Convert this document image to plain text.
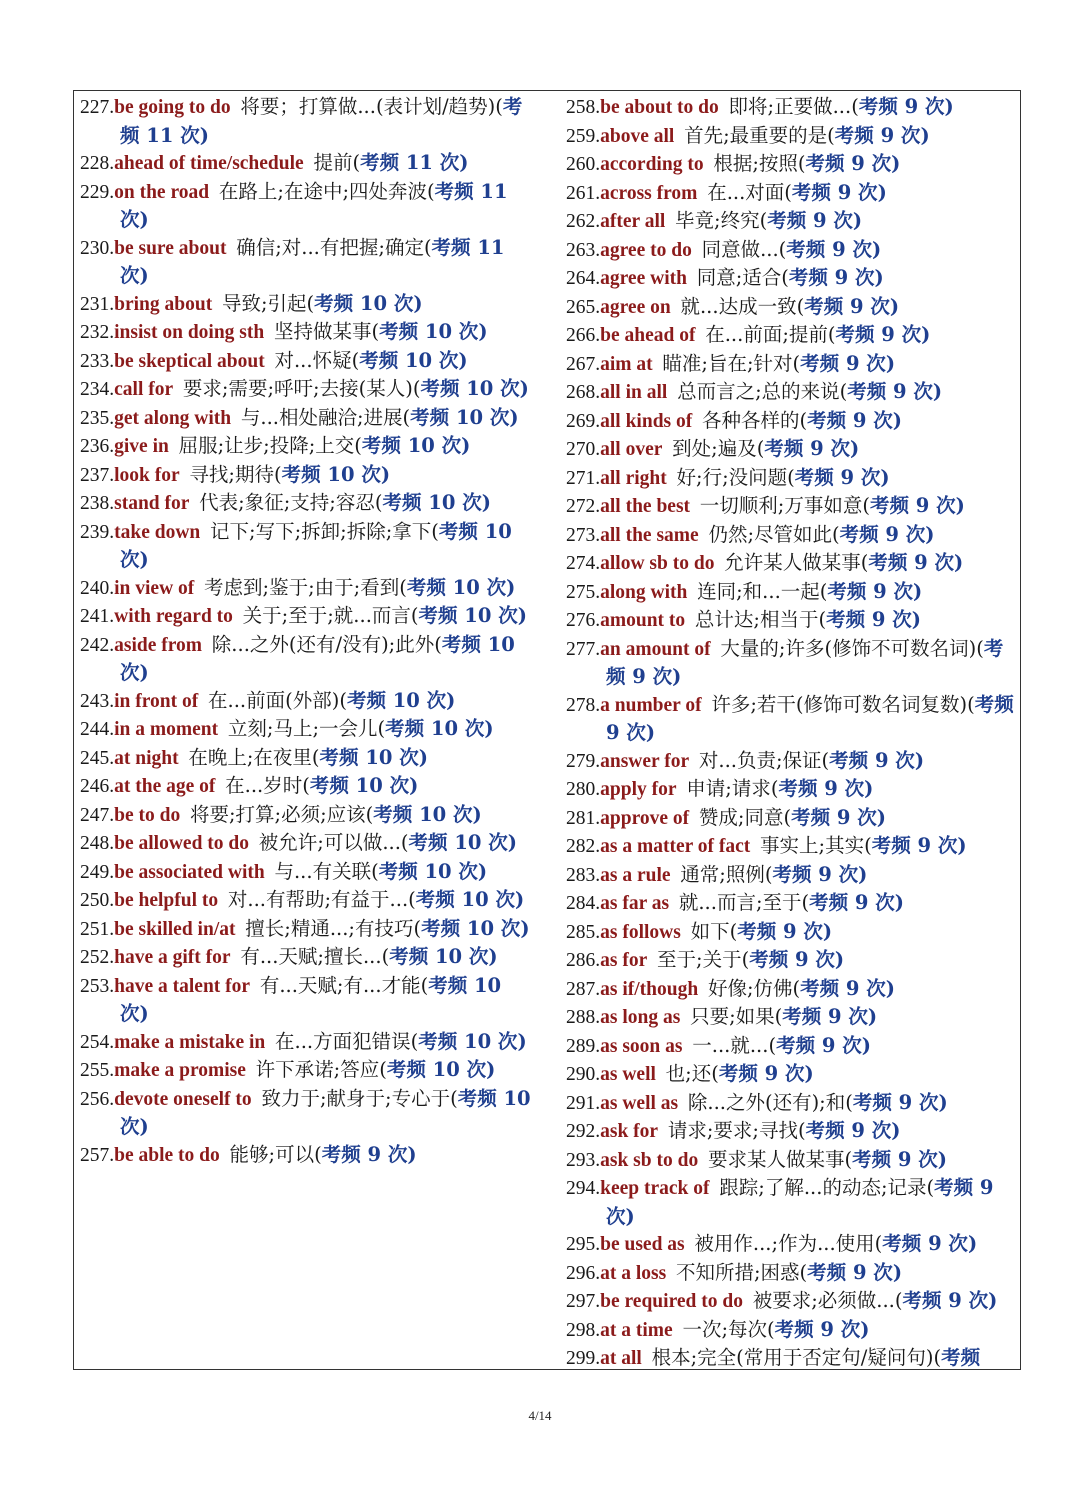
227.be going to do  将要；打算做...(表计划/趋势)(考频 11 次)
228.ahead of time/schedule  提前(考频 11 次)
229.on the road  在路上;在途中;四处奔波(考频 11 次)
230.be sure about  确信;对...有把握;确定(考频 11 次)
231.bring about  导致;引起(考频 10 次)
232.insist on doing sth  坚持做某事(考频 10 次)
233.be skeptical about  对...怀疑(考频 10 次)
234.call for  要求;需要;呼吁;去接(某人)(考频 10 次)
235.get along with  与...相处融洽;进展(考频 10 次)
236.give in  屈服;让步;投降;上交(考频 10 次)
237.look for  寻找;期待(考频 10 次)
238.stand for  代表;象征;支持;容忍(考频 10 次)
239.take down  记下;写下;拆卸;拆除;拿下(考频 10 次)
240.in view of  考虑到;鉴于;由于;看到(考频 10 次)
241.with regard to  关于;至于;就...而言(考频 10 次)
242.aside from  除...之外(还有/没有);此外(考频 10 次)
243.in front of  在...前面(外部)(考频 10 次)
244.in a moment  立刻;马上;一会儿(考频 10 次)
245.at night  在晚上;在夜里(考频 10 次)
246.at the age of  在...岁时(考频 10 次)
247.be to do  将要;打算;必须;应该(考频 10 次)
248.be allowed to do  被允许;可以做...(考频 10 次)
249.be associated with  与...有关联(考频 10 次)
250.be helpful to  对...有帮助;有益于...(考频 10 次)
251.be skilled in/at  擅长;精通...;有技巧(考频 10 次)
252.have a gift for  有...天赋;擅长...(考频 10 次)
253.have a talent for  有...天赋;有...才能(考频 10 次)
254.make a mistake in  在...方面犯错误(考频 10 次)
255.make a promise  许下承诺;答应(考频 10 次)
256.devote oneself to  致力于;献身于;专心于(考频 10 次)
257.be able to do  能够;可以(考频 9 次)
258.be about to do  即将;正要做...(考频 9 次)
259.above all  首先;最重要的是(考频 9 次)
260.according to  根据;按照(考频 9 次)
261.across from  在...对面(考频 9 次)
262.after all  毕竟;终究(考频 9 次)
263.agree to do  同意做...(考频 9 次)
264.agree with  同意;适合(考频 9 次)
265.agree on  就...达成一致(考频 9 次)
266.be ahead of  在...前面;提前(考频 9 次)
267.aim at  瞄准;旨在;针对(考频 9 次)
268.all in all  总而言之;总的来说(考频 9 次)
269.all kinds of  各种各样的(考频 9 次)
270.all over  到处;遍及(考频 9 次)
271.all right  好;行;没问题(考频 9 次)
272.all the best  一切顺利;万事如意(考频 9 次)
273.all the same  仍然;尽管如此(考频 9 次)
274.allow sb to do  允许某人做某事(考频 9 次)
275.along with  连同;和...一起(考频 9 次)
276.amount to  总计达;相当于(考频 9 次)
277.an amount of  大量的;许多(修饰不可数名词)(考频 9 次)
278.a number of  许多;若干(修饰可数名词复数)(考频 9 次)
279.answer for  对...负责;保证(考频 9 次)
280.apply for  申请;请求(考频 9 次)
281.approve of  赞成;同意(考频 9 次)
282.as a matter of fact  事实上;其实(考频 9 次)
283.as a rule  通常;照例(考频 9 次)
284.as far as  就...而言;至于(考频 9 次)
285.as follows  如下(考频 9 次)
286.as for  至于;关于(考频 9 次)
287.as if/though  好像;仿佛(考频 9 次)
288.as long as  只要;如果(考频 9 次)
289.as soon as  一...就...(考频 9 次)
290.as well  也;还(考频 9 次)
291.as well as  除...之外(还有);和(考频 9 次)
292.ask for  请求;要求;寻找(考频 9 次)
293.ask sb to do  要求某人做某事(考频 9 次)
294.keep track of  跟踪;了解...的动态;记录(考频 9 次)
295.be used as  被用作...;作为...使用(考频 9 次)
296.at a loss  不知所措;困惑(考频 9 次)
297.be required to do  被要求;必须做...(考频 9 次)
298.at a time  一次;每次(考频 9 次)
299.at all  根本;完全(常用于否定句/疑问句)(考频
4/14
